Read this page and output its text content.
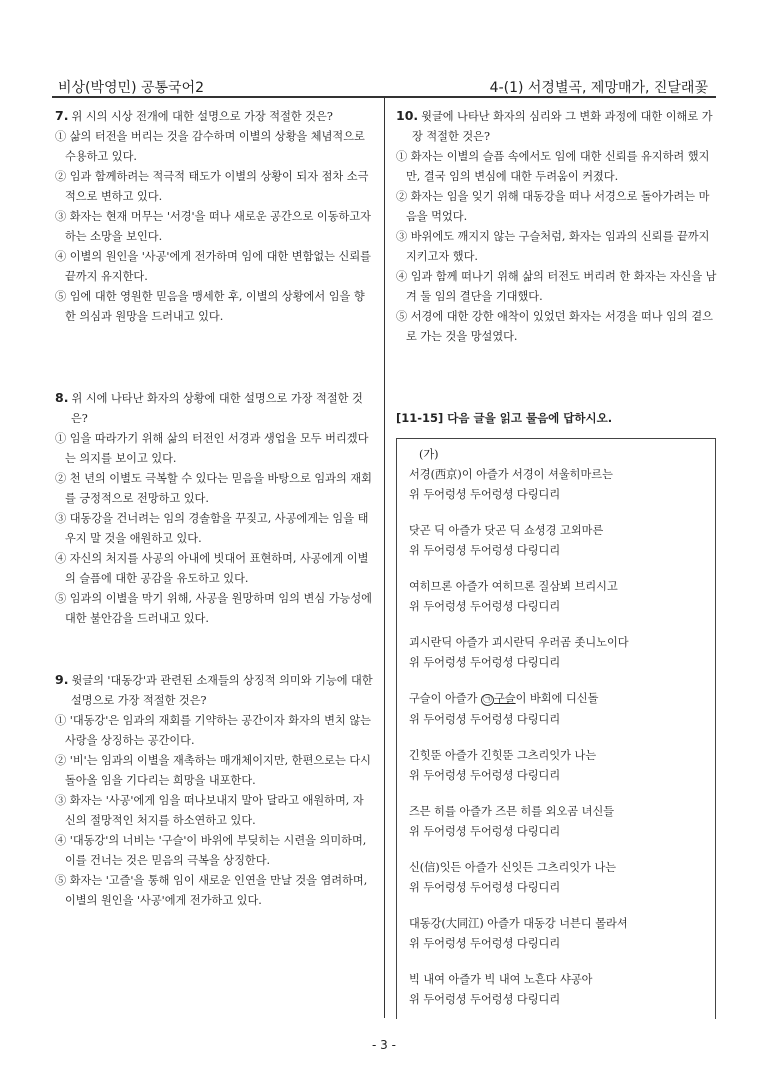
비상(박영민) 공통국어2	4-(1) 서경별곡, 제망매가, 진달래꽃
7. 위 시의 시상 전개에 대한 설명으로 가장 적절한 것은?
① 삶의 터전을 버리는 것을 감수하며 이별의 상황을 체념적으로 수용하고 있다.
② 임과 함께하려는 적극적 태도가 이별의 상황이 되자 점차 소극적으로 변하고 있다.
③ 화자는 현재 머무는 '서경'을 떠나 새로운 공간으로 이동하고자 하는 소망을 보인다.
④ 이별의 원인을 '사공'에게 전가하며 임에 대한 변함없는 신뢰를 끝까지 유지한다.
⑤ 임에 대한 영원한 믿음을 맹세한 후, 이별의 상황에서 임을 향한 의심과 원망을 드러내고 있다.
8. 위 시에 나타난 화자의 상황에 대한 설명으로 가장 적절한 것은?
① 임을 따라가기 위해 삶의 터전인 서경과 생업을 모두 버리겠다는 의지를 보이고 있다.
② 천 년의 이별도 극복할 수 있다는 믿음을 바탕으로 임과의 재회를 긍정적으로 전망하고 있다.
③ 대동강을 건너려는 임의 경솔함을 꾸짖고, 사공에게는 임을 태우지 말 것을 애원하고 있다.
④ 자신의 처지를 사공의 아내에 빗대어 표현하며, 사공에게 이별의 슬픔에 대한 공감을 유도하고 있다.
⑤ 임과의 이별을 막기 위해, 사공을 원망하며 임의 변심 가능성에 대한 불안감을 드러내고 있다.
9. 윗글의 '대동강'과 관련된 소재들의 상징적 의미와 기능에 대한 설명으로 가장 적절한 것은?
① '대동강'은 임과의 재회를 기약하는 공간이자 화자의 변치 않는 사랑을 상징하는 공간이다.
② '비'는 임과의 이별을 재촉하는 매개체이지만, 한편으로는 다시 돌아올 임을 기다리는 희망을 내포한다.
③ 화자는 '사공'에게 임을 떠나보내지 말아 달라고 애원하며, 자신의 절망적인 처지를 하소연하고 있다.
④ '대동강'의 너비는 '구슬'이 바위에 부딪히는 시련을 의미하며, 이를 건너는 것은 믿음의 극복을 상징한다.
⑤ 화자는 '고즐'을 통해 임이 새로운 인연을 만날 것을 염려하며, 이별의 원인을 '사공'에게 전가하고 있다.
10. 윗글에 나타난 화자의 심리와 그 변화 과정에 대한 이해로 가장 적절한 것은?
① 화자는 이별의 슬픔 속에서도 임에 대한 신뢰를 유지하려 했지만, 결국 임의 변심에 대한 두려움이 커졌다.
② 화자는 임을 잊기 위해 대동강을 떠나 서경으로 돌아가려는 마음을 먹었다.
③ 바위에도 깨지지 않는 구슬처럼, 화자는 임과의 신뢰를 끝까지 지키고자 했다.
④ 임과 함께 떠나기 위해 삶의 터전도 버리려 한 화자는 자신을 남겨 둘 임의 결단을 기대했다.
⑤ 서경에 대한 강한 애착이 있었던 화자는 서경을 떠나 임의 곁으로 가는 것을 망설였다.
[11-15] 다음 글을 읽고 물음에 답하시오.
(가)
서경(西京)이 아즐가 서경이 셔울히마르는
위 두어렁셩 두어렁셩 다링디리
닷곤 딕 아즐가 닷곤 딕 쇼셩경 고외마른
위 두어렁셩 두어렁셩 다링디리
여히므론 아즐가 여히므론 질삼뵈 브리시고
위 두어렁셩 두어렁셩 다링디리
괴시란딕 아즐가 괴시란딕 우러곰 좃니노이다
위 두어렁셩 두어렁셩 다링디리
구슬이 아즐가 ㉠ 구슬이 바회에 디신돌
위 두어렁셩 두어렁셩 다링디리
긴힛뚠 아즐가 긴힛뚠 그츠리잇가 나는
위 두어렁셩 두어렁셩 다링디리
즈믄 히를 아즐가 즈믄 히를 외오곰 녀신들
위 두어렁셩 두어렁셩 다링디리
신(信)잇든 아즐가 신잇든 그츠리잇가 나는
위 두어렁셩 두어렁셩 다링디리
대동강(大同江) 아즐가 대동강 너븐디 몰라셔
위 두어렁셩 두어렁셩 다링디리
빅 내여 아즐가 빅 내여 노흔다 샤공아
위 두어렁셩 두어렁셩 다링디리
- 3 -
